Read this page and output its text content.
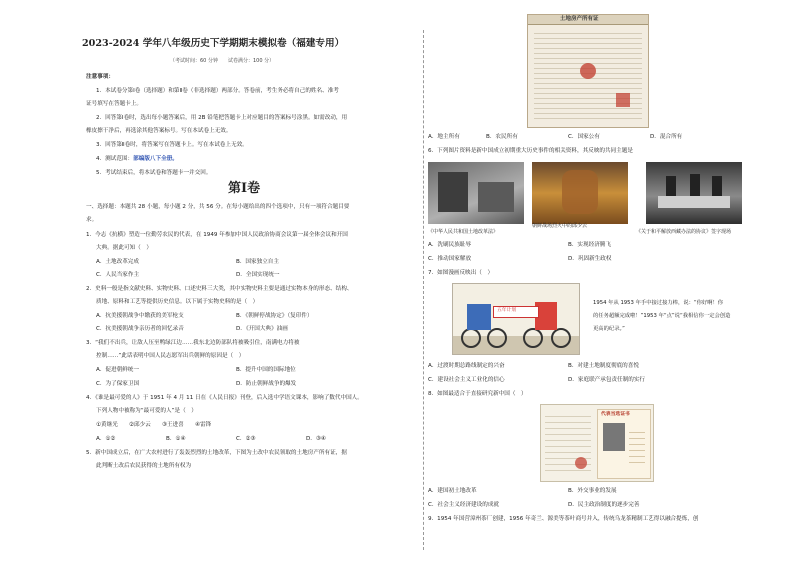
2023-2024 学年八年级历史下学期期末模拟卷（福建专用）
（考试时间：60 分钟　　试卷满分：100 分）
注意事项：
1．本试卷分第Ⅰ卷（选择题）和第Ⅱ卷（非选择题）两部分。答卷前，考生务必将自己的姓名、准考
证号填写在答题卡上。
2．回答第Ⅰ卷时，选出每小题答案后，用 2B 铅笔把答题卡上对应题目的答案标号涂黑。如需改动，用
橡皮擦干净后，再选涂其他答案标号。写在本试卷上无效。
3．回答第Ⅱ卷时，将答案写在答题卡上。写在本试卷上无效。
4．测试范围：部编版八下全册。
5．考试结束后，将本试卷和答题卡一并交回。
第Ⅰ卷
一、选择题：本题共 28 小题，每小题 2 分，共 56 分。在每小题给出的四个选项中，只有一项符合题目要
求。
1．今志《抗横》塑造一位勤劳农民的代表，在 1949 年参加中国人民政治协商会议第一届全体会议和开国
大典。据此可知（　）
A．土地改革完成	B．国家独立自主
C．人民当家作主	D．全国实现统一
2．史料一般是指文献史料、实物史料、口述史料三大类，其中实物史料主要是通过实物本身的形态、结构、
质地、原料和工艺等提供历史信息。以下属于实物史料的是（　）
A．抗美援朝战争中缴获的美军枪支	B．《朝鲜停战协定》（复印件）
C．抗美援朝战争亲历者的回忆录音	D．《开国大典》油画
3．“我们不出兵，让敌人压至鸭绿江边……我东北边防部队将被吸引住，南满电力将被
控制……”此话表明中国人民志愿军出兵朝鲜的原因是（　）
A．促进朝鲜统一	B．提升中国的国际地位
C．为了保家卫国	D．防止朝鲜战争的爆发
4．《谁是最可爱的人》于 1951 年 4 月 11 日在《人民日报》刊登，后入选中学语文课本，影响了数代中国人。
下列人物中被称为“最可爱的人”是（　）
①黄继光　　②邱少云　　③王进喜　　④雷锋
A．①②	B．①④	C．②③	D．③④
5．新中国成立后，在广大农村进行了轰轰烈烈的土地改革，下图为土改中农民领取的土地房产所有证，据
此判断土改后农民获得的土地所有权为
土地房产所有证
A．地主所有	B．农民所有	C．国家公有	D．混合所有
6．下列图片资料是新中国成立初期重大历史事件的相关资料，其反映的共同主题是
《中华人民共和国土地改革法》
朝鲜战场烈火中的邱少云
《关于和平解放西藏办法的协议》签字现场
A．洗刷民族耻辱	B．实现经济腾飞
C．推动国家解放	D．巩固新生政权
7．如图漫画反映出（　）
五年计划
1954 年从 1953 年手中接过接力棒，说：“你好啊！你
的任务超额完成啦！”1953 年“点”说“我相信你一定会创造
更高的纪录。”
A．过渡时期总路线制定的兴奋	B．对建土地制度彻底的喜悦
C．建设社会主义工业化的信心	D．家庭联产承包责任制的实行
8．如图最适合于直接研究新中国（　）
代表当选证书
A．建国初土地改革	B．外交事业的发展
C．社会主义经济建设的成就	D．民主政治制度的逐步完善
9．1954 年国营漳州茶厂创建，1956 年奇兰、源美等茶叶商号并入，传统乌龙茶精制工艺得以融合提炼，创
